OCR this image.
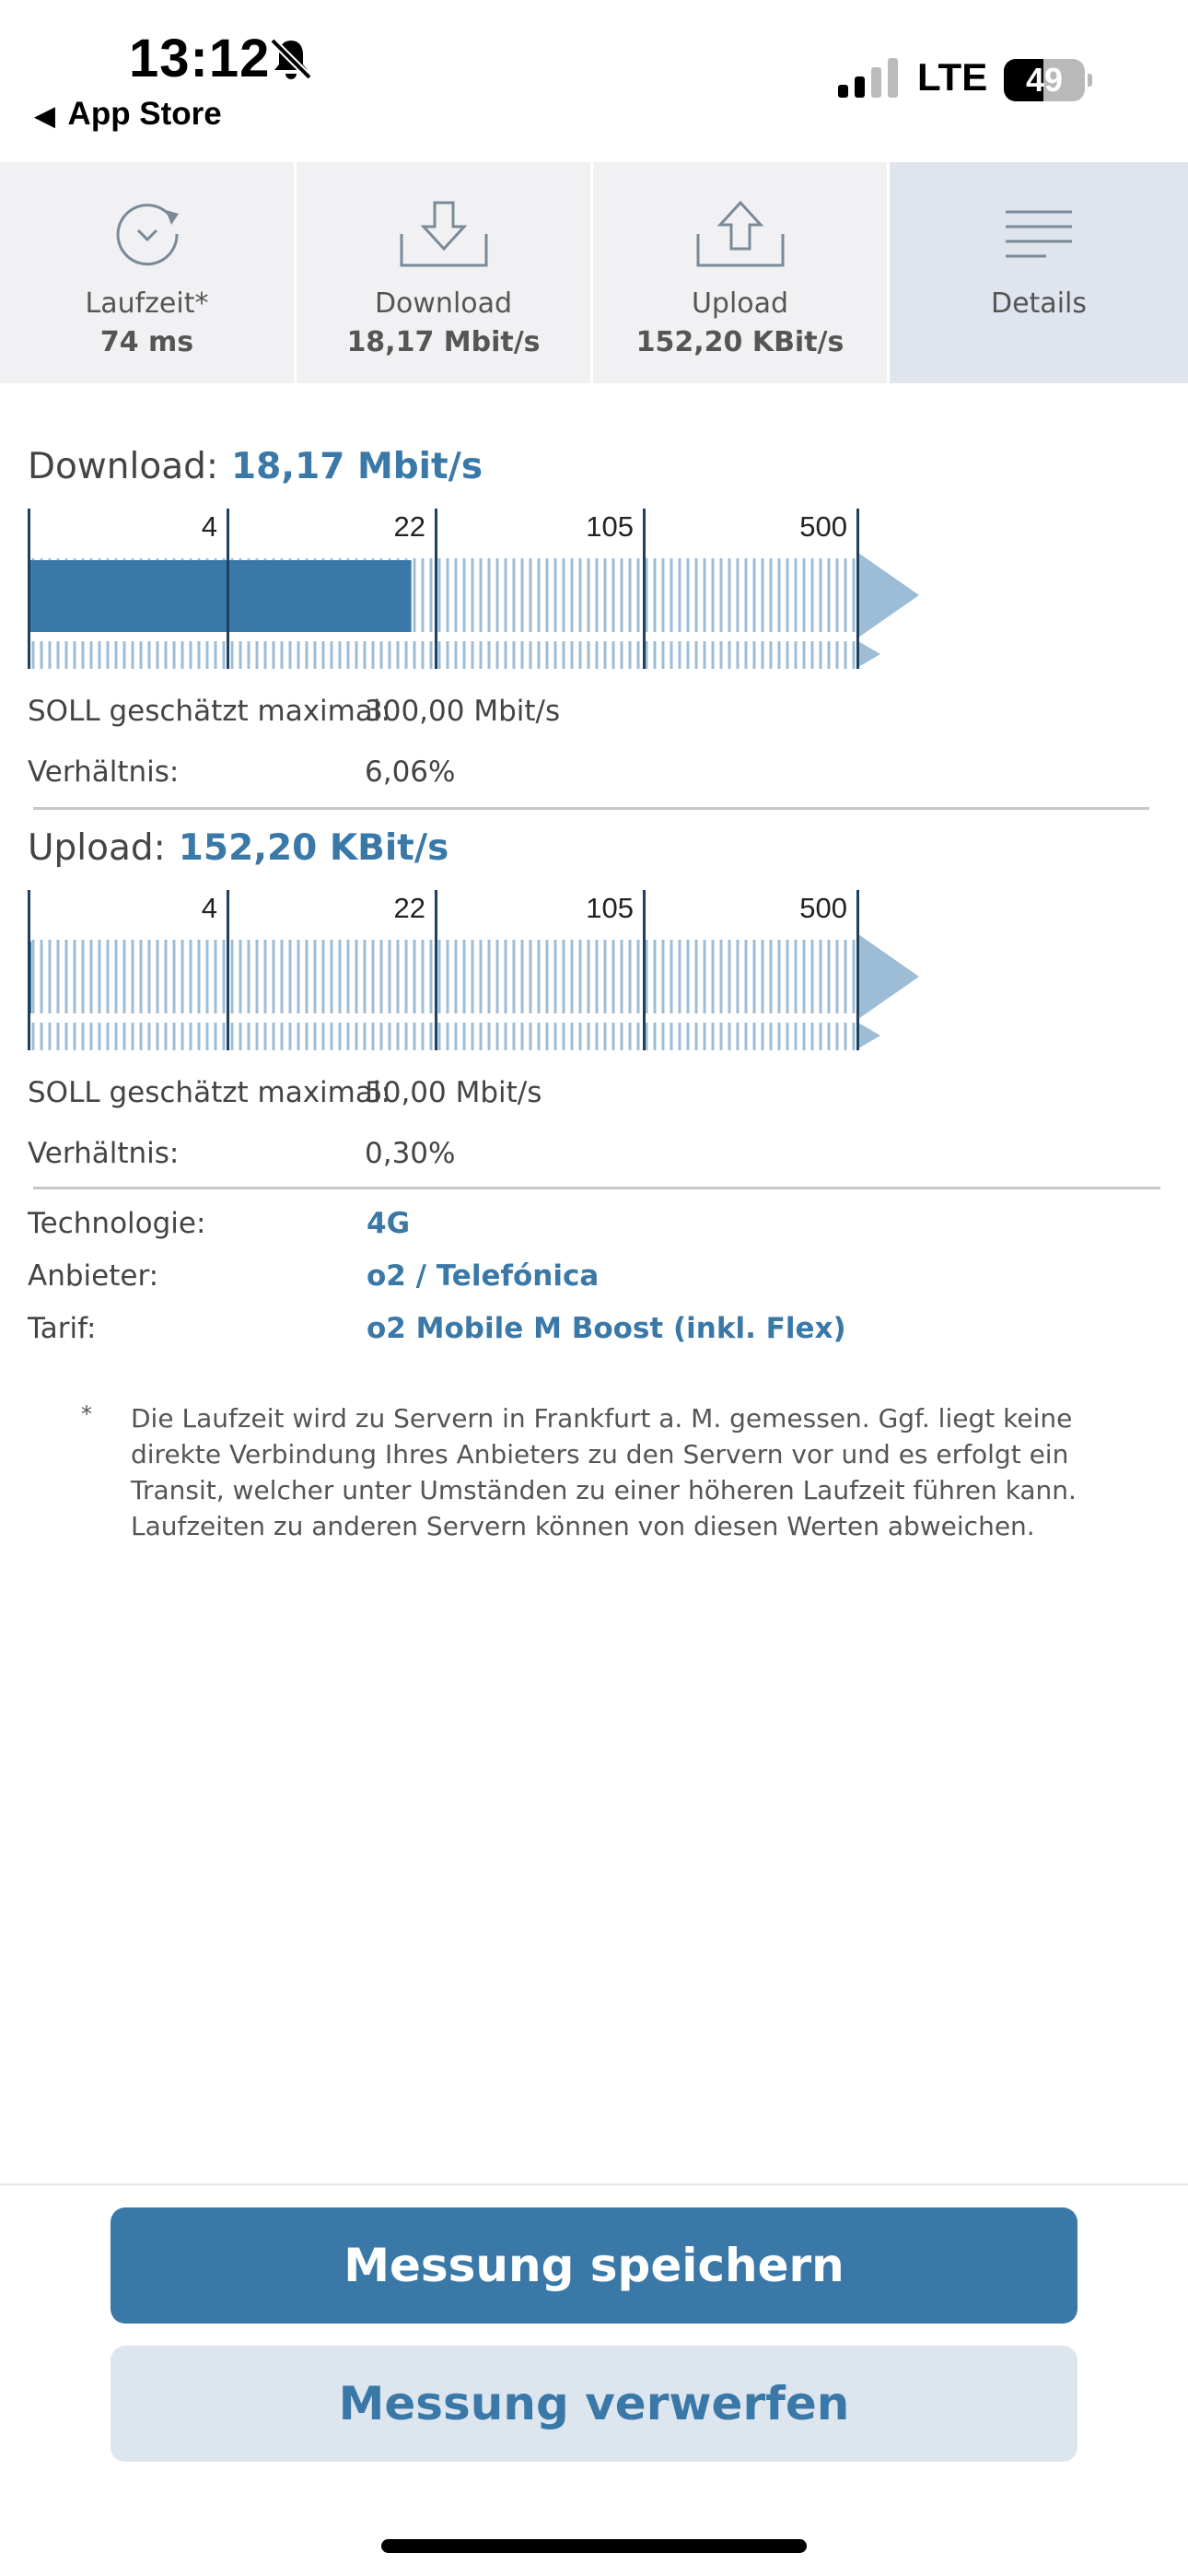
13:12
◀ App Store
LTE	49
Laufzeit*
74 ms
Download
18,17 Mbit/s
Upload
152,20 KBit/s
Details
Download: 18,17 Mbit/s
4	22	105	500
SOLL geschätzt maximal:
300,00 Mbit/s
Verhältnis:	6,06%
Upload: 152,20 KBit/s
4	22	105	500
SOLL geschätzt maximal:
50,00 Mbit/s
Verhältnis:	0,30%
Technologie:	4G
Anbieter:	o2 / Telefónica
Tarif:	o2 Mobile M Boost (inkl. Flex)
* Die Laufzeit wird zu Servern in Frankfurt a. M. gemessen. Ggf. liegt keine direkte Verbindung Ihres Anbieters zu den Servern vor und es erfolgt ein Transit, welcher unter Umständen zu einer höheren Laufzeit führen kann. Laufzeiten zu anderen Servern können von diesen Werten abweichen.
Messung speichern
Messung verwerfen
